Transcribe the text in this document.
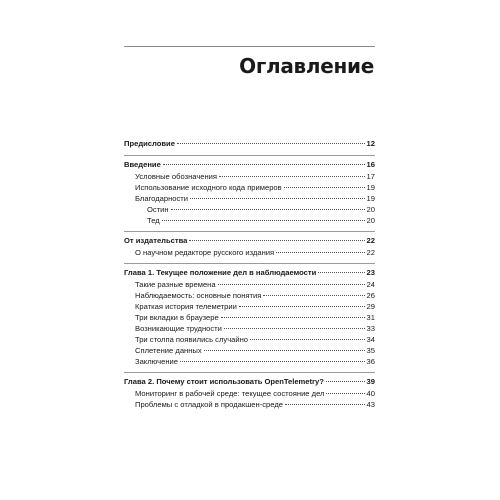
Оглавление
Предисловие	12
Введение	16
Условные обозначения	17
Использование исходного кода примеров	19
Благодарности	19
Остин	20
Тед	20
От издательства	22
О научном редакторе русского издания	22
Глава 1. Текущее положение дел в наблюдаемости	23
Такие разные времена	24
Наблюдаемость: основные понятия	26
Краткая история телеметрии	29
Три вкладки в браузере	31
Возникающие трудности	33
Три столпа появились случайно	34
Сплетение данных	35
Заключение	36
Глава 2. Почему стоит использовать OpenTelemetry?	39
Мониторинг в рабочей среде: текущее состояние дел	40
Проблемы с отладкой в продакшен-среде	43
